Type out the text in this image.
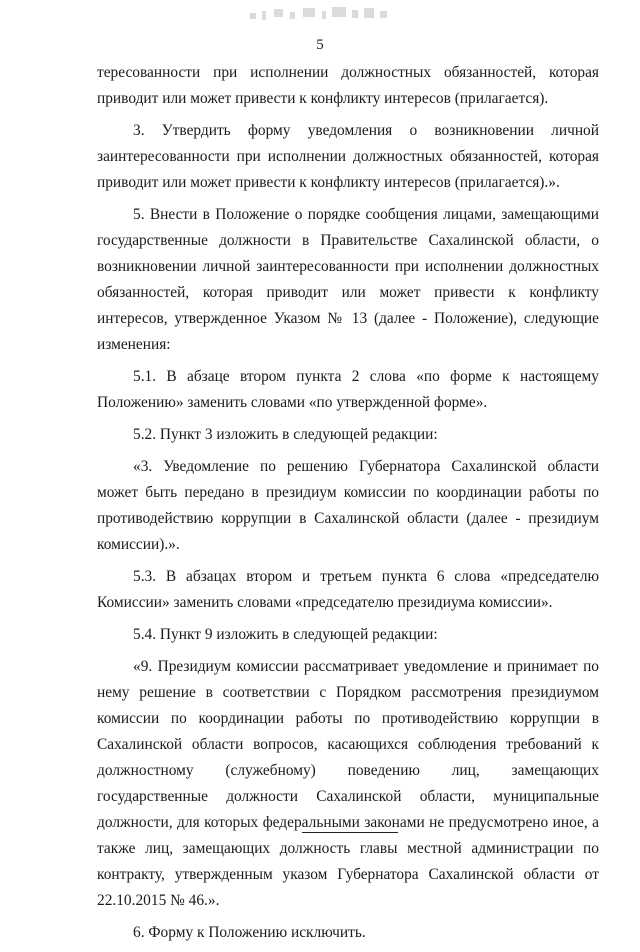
5

тересованности при исполнении должностных обязанностей, которая приводит или может привести к конфликту интересов (прилагается).

3. Утвердить форму уведомления о возникновении личной заинтересованности при исполнении должностных обязанностей, которая приводит или может привести к конфликту интересов (прилагается).».

5. Внести в Положение о порядке сообщения лицами, замещающими государственные должности в Правительстве Сахалинской области, о возникновении личной заинтересованности при исполнении должностных обязанностей, которая приводит или может привести к конфликту интересов, утвержденное Указом № 13 (далее - Положение), следующие изменения:

5.1. В абзаце втором пункта 2 слова «по форме к настоящему Положению» заменить словами «по утвержденной форме».

5.2. Пункт 3 изложить в следующей редакции:

«3. Уведомление по решению Губернатора Сахалинской области может быть передано в президиум комиссии по координации работы по противодействию коррупции в Сахалинской области (далее - президиум комиссии).».

5.3. В абзацах втором и третьем пункта 6 слова «председателю Комиссии» заменить словами «председателю президиума комиссии».

5.4. Пункт 9 изложить в следующей редакции:

«9. Президиум комиссии рассматривает уведомление и принимает по нему решение в соответствии с Порядком рассмотрения президиумом комиссии по координации работы по противодействию коррупции в Сахалинской области вопросов, касающихся соблюдения требований к должностному (служебному) поведению лиц, замещающих государственные должности Сахалинской области, муниципальные должности, для которых федеральными законами не предусмотрено иное, а также лиц, замещающих должность главы местной администрации по контракту, утвержденным указом Губернатора Сахалинской области от 22.10.2015 № 46.».

6. Форму к Положению исключить.
